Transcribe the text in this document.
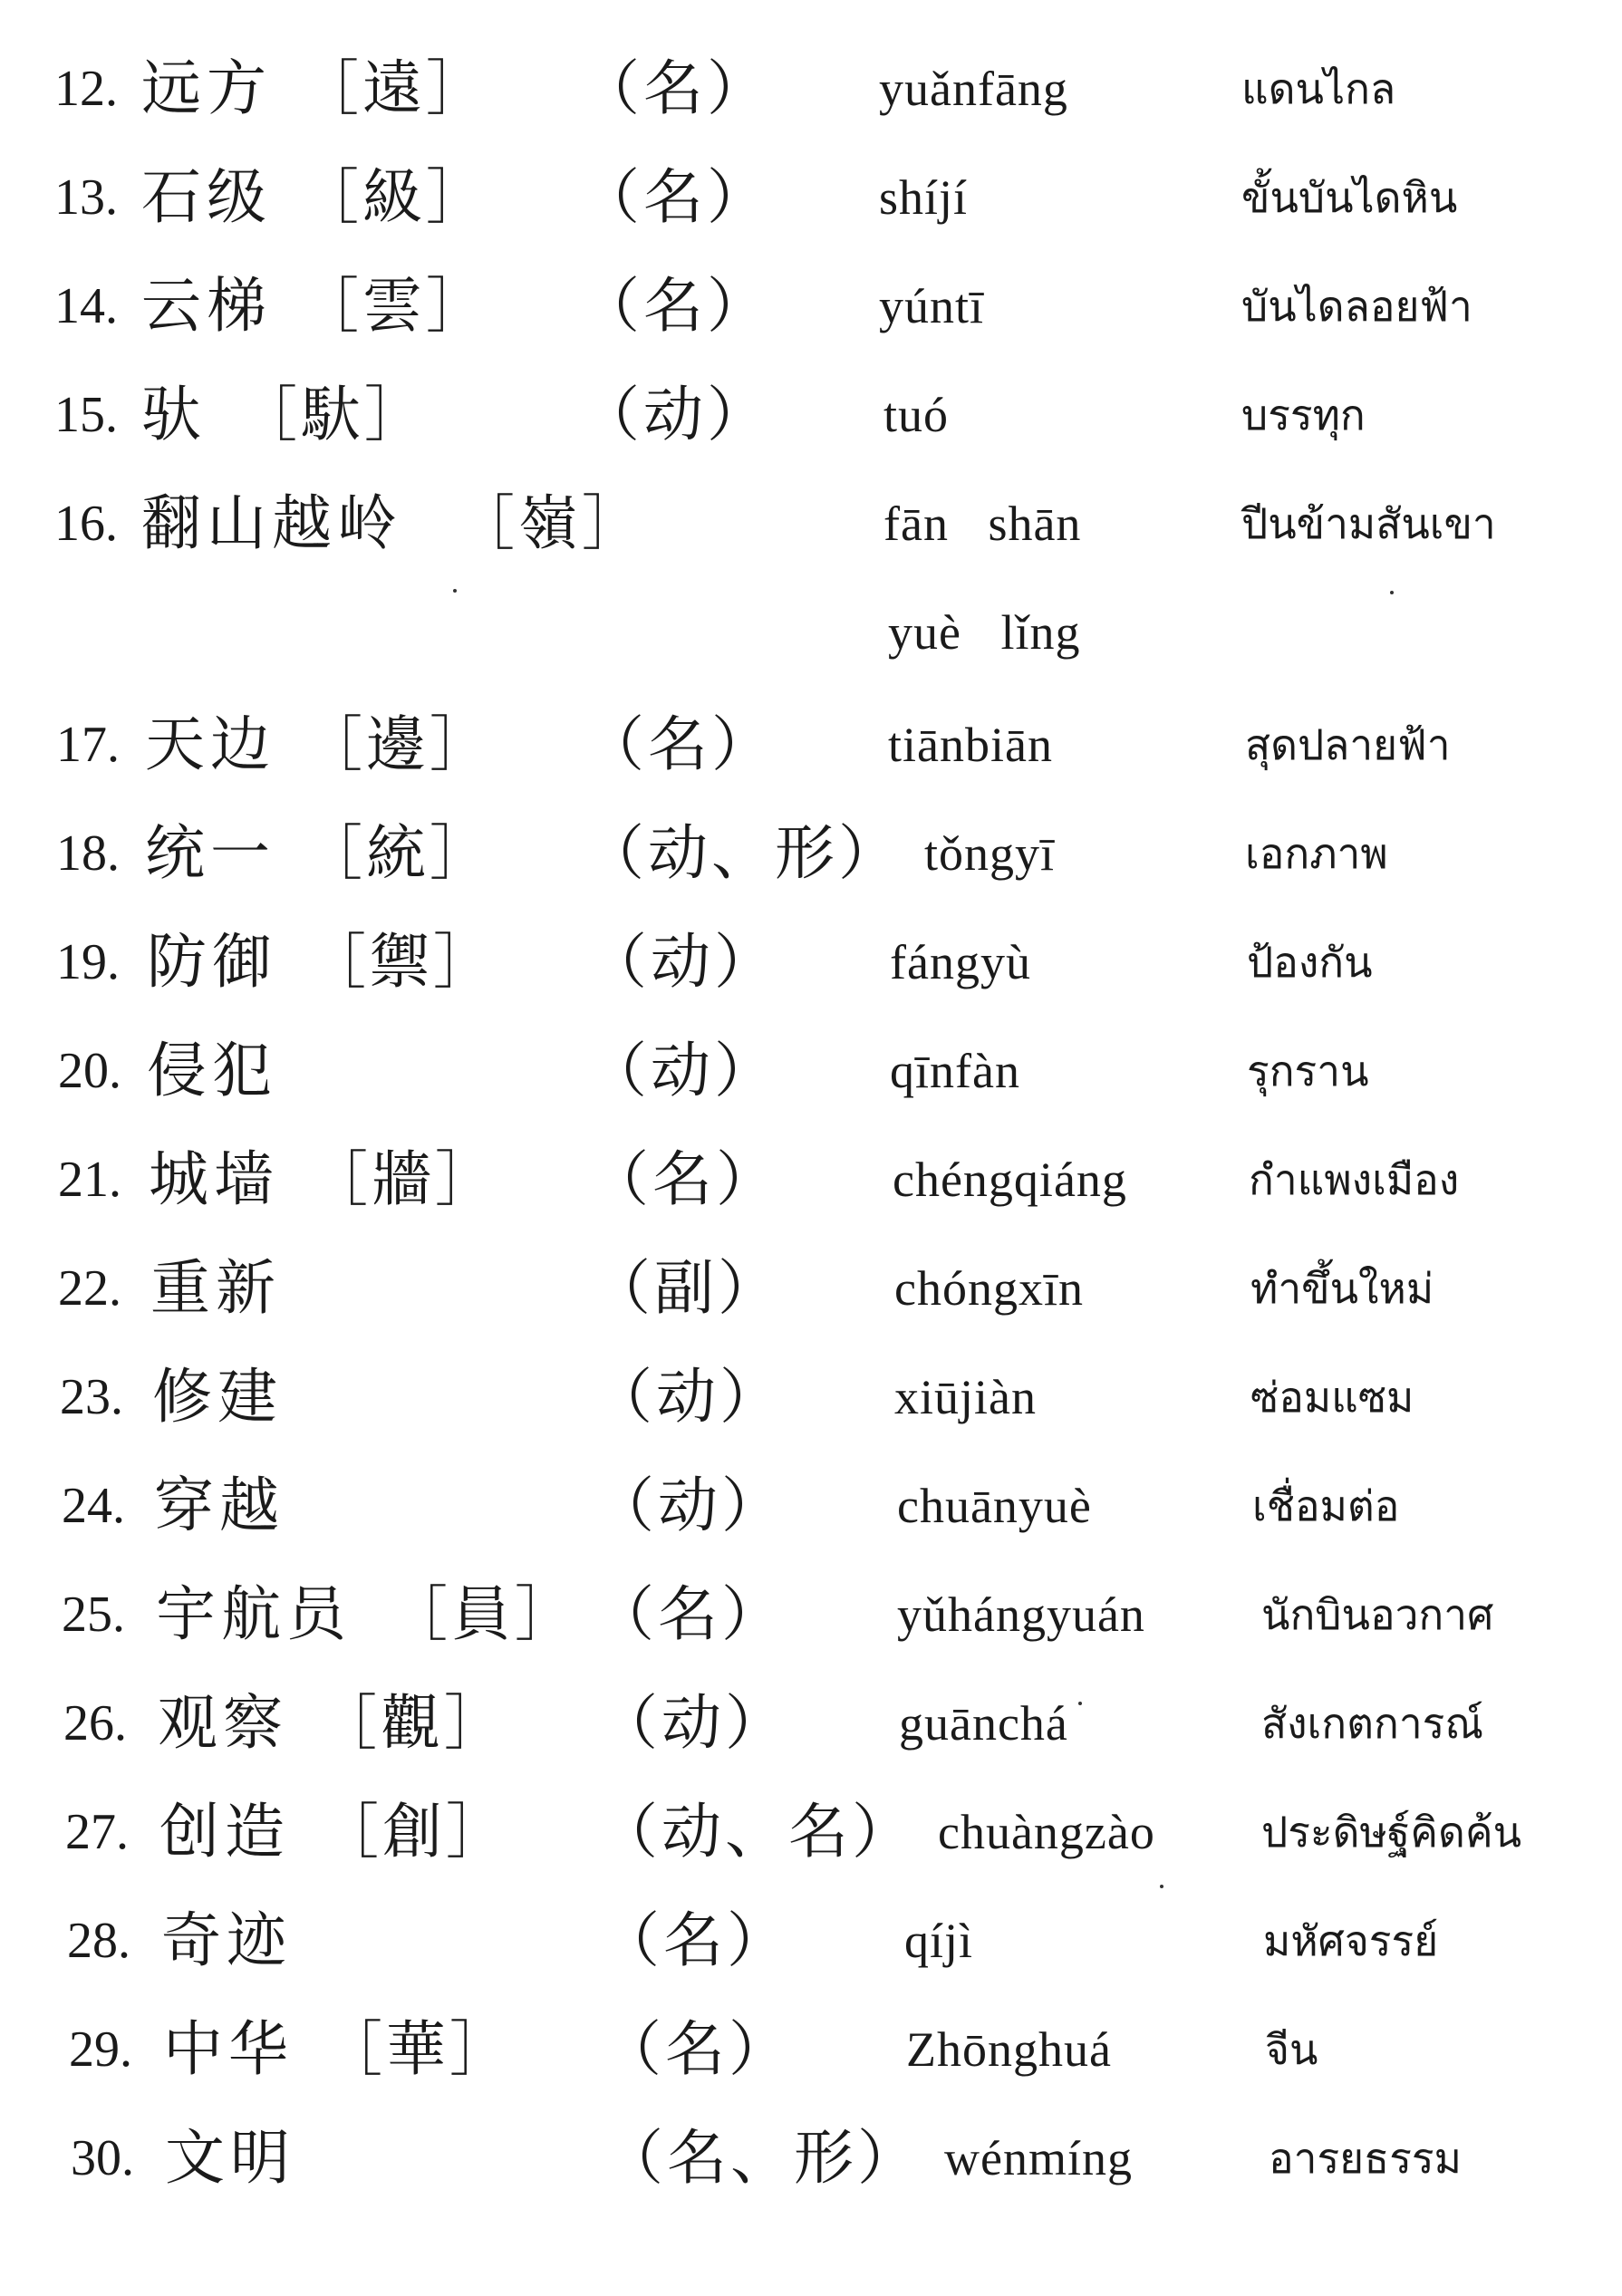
12. 远方 ［遠］ （名） yuǎnfāng	แดนไกล
13. 石级 ［級］ （名） shíjí	ขั้นบันไดหิน
14. 云梯 ［雲］ （名） yúntī	บันไดลอยฟ้า
15. 驮 ［馱］	（动） tuó	บรรทุก
16. 翻山越岭 ［嶺］	fān   shān	ปีนข้ามสันเขา
yuè   lǐng
17. 天边 ［邊］ （名） tiānbiān	สุดปลายฟ้า
18. 统一 ［統］ （动、形） tǒngyī	เอกภาพ
19. 防御 ［禦］ （动） fángyù	ป้องกัน
20. 侵犯	（动） qīnfàn	รุกราน
21. 城墙 ［牆］ （名） chéngqiáng	กำแพงเมือง
22. 重新	（副） chóngxīn	ทำขึ้นใหม่
23. 修建	（动） xiūjiàn	ซ่อมแซม
24. 穿越	（动） chuānyuè	เชื่อมต่อ
25. 宇航员 ［員］ （名） yǔhángyuán	นักบินอวกาศ
26. 观察 ［觀］ （动） guānchá	สังเกตการณ์
27. 创造 ［創］ （动、名） chuàngzào	ประดิษฐ์คิดค้น
28. 奇迹	（名） qíjì	มหัศจรรย์
29. 中华 ［華］ （名） Zhōnghuá	จีน
30. 文明	（名、形） wénmíng	อารยธรรม
